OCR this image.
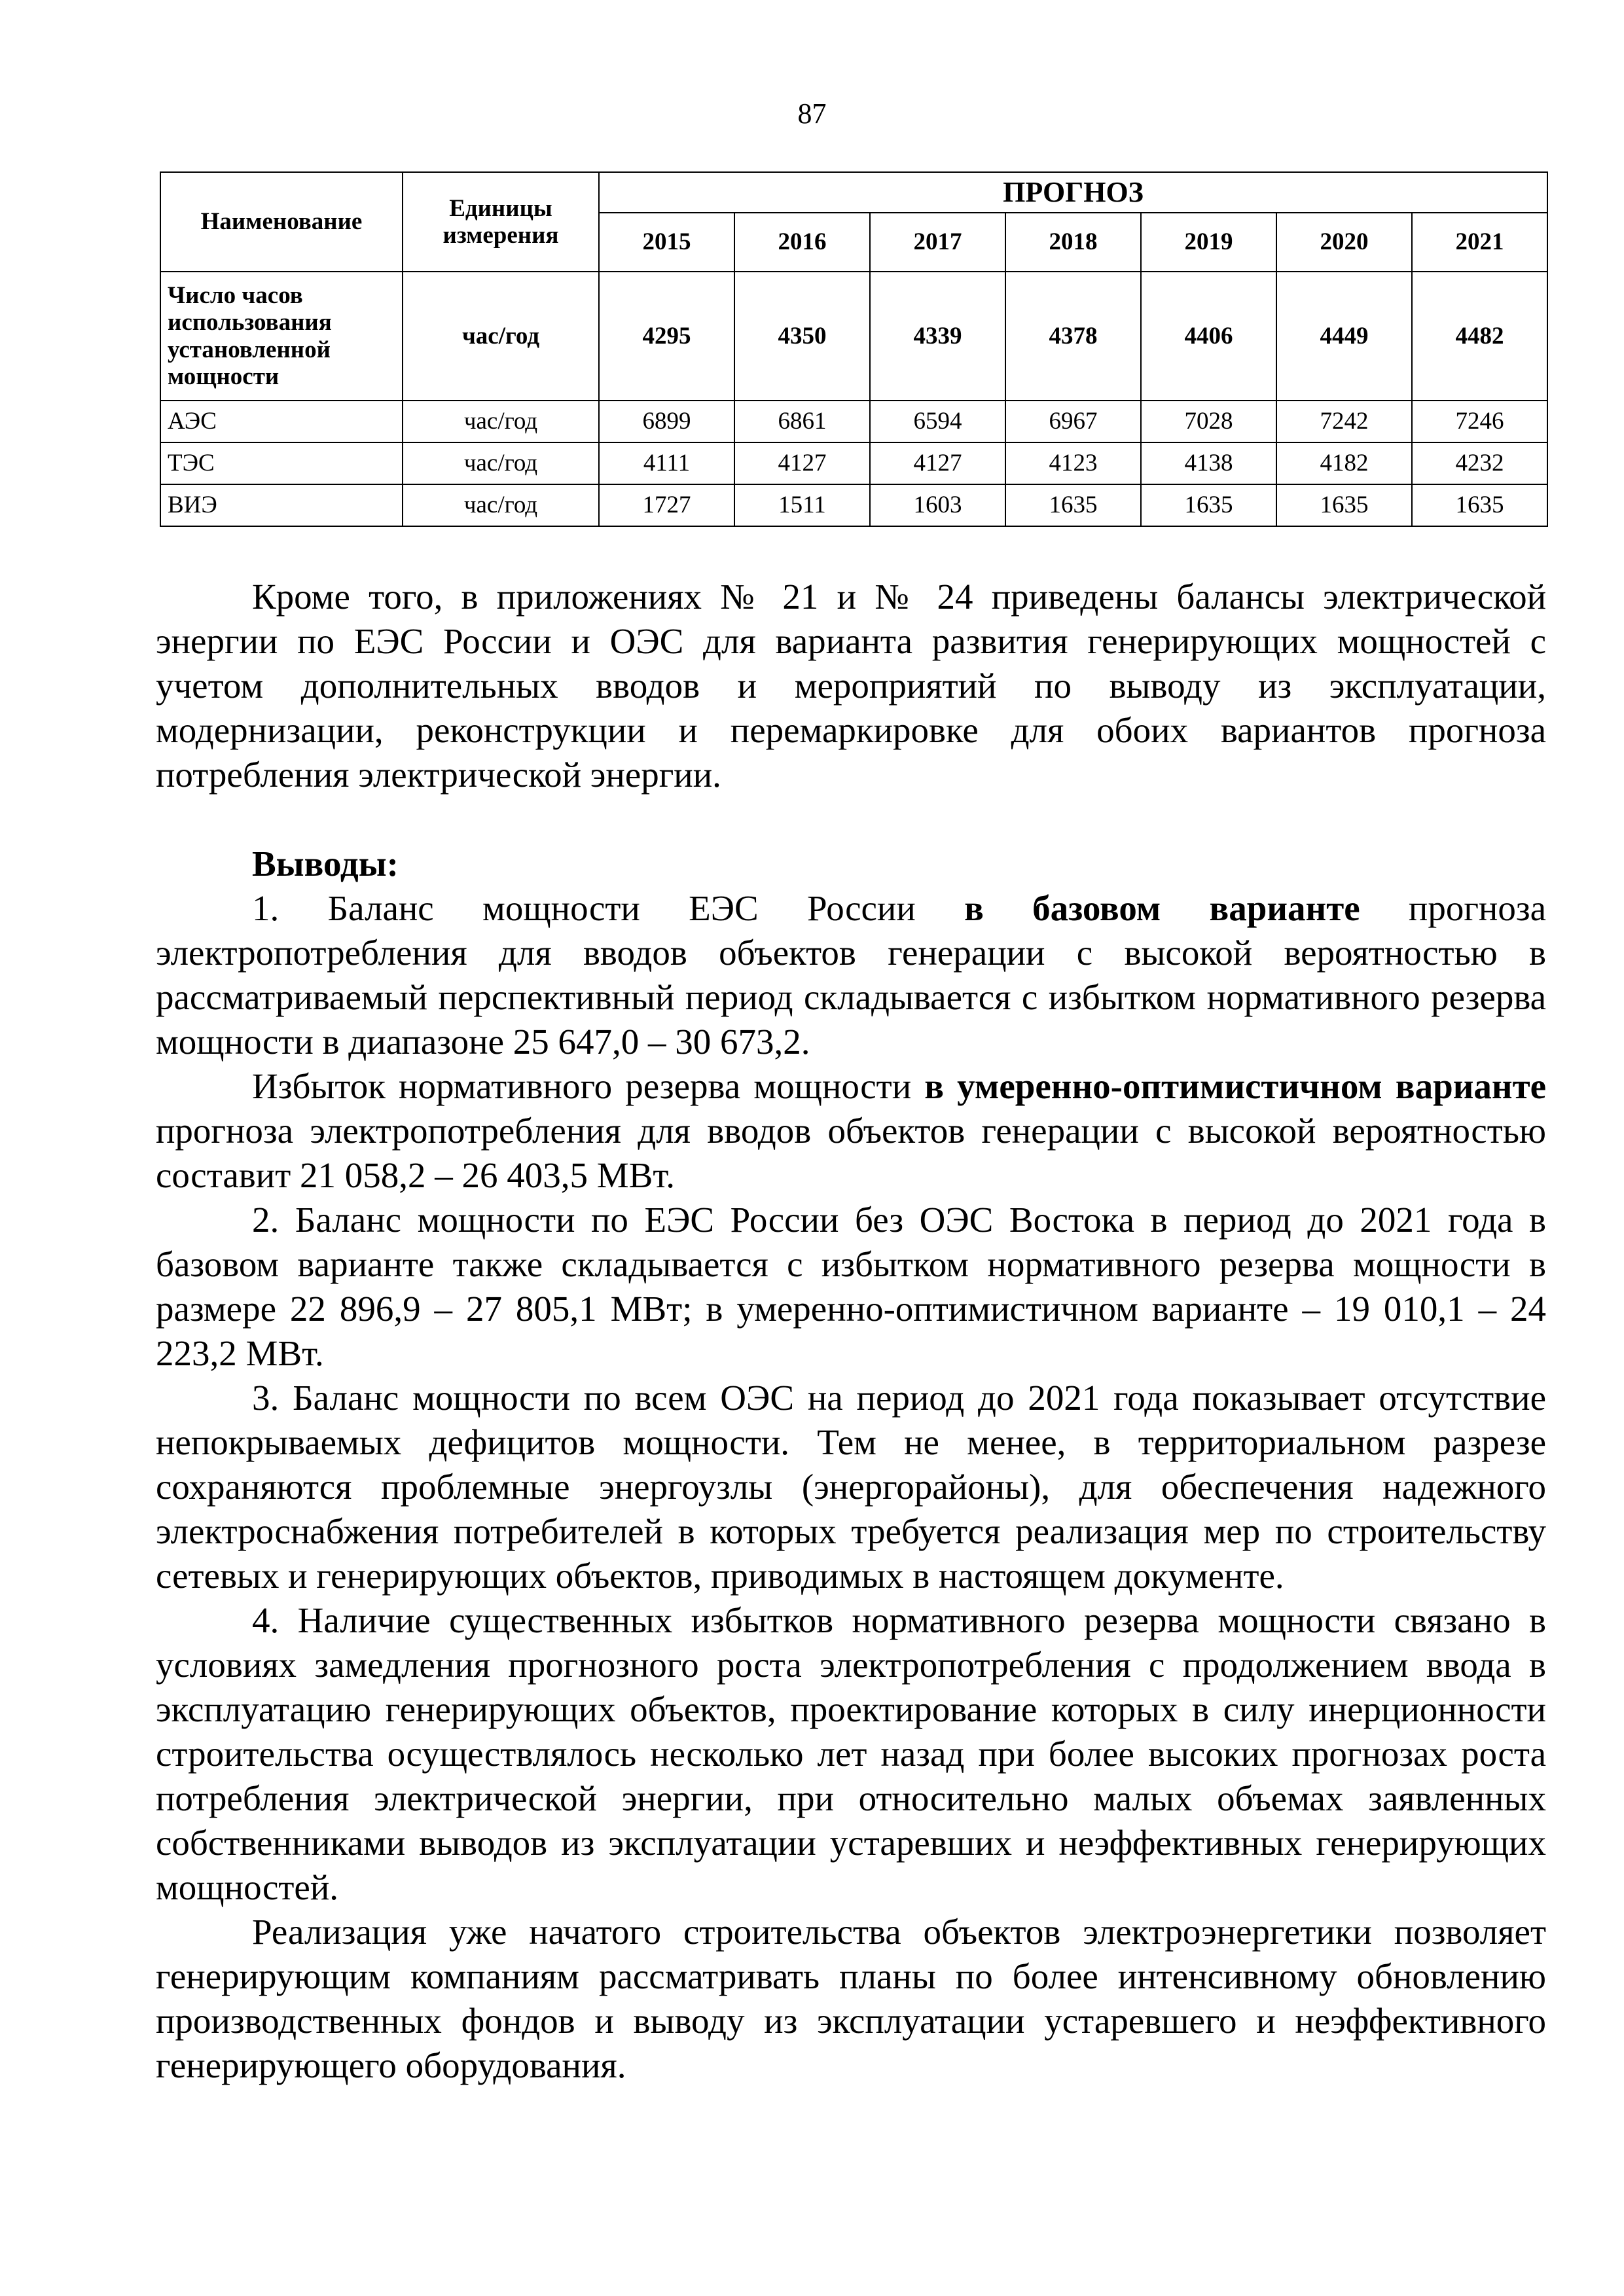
87
Наименование	Единицы измерения	ПРОГНОЗ						
		2015	2016	2017	2018	2019	2020	2021
Число часов использования установленной мощности	час/год	4295	4350	4339	4378	4406	4449	4482
АЭС	час/год	6899	6861	6594	6967	7028	7242	7246
ТЭС	час/год	4111	4127	4127	4123	4138	4182	4232
ВИЭ	час/год	1727	1511	1603	1635	1635	1635	1635

Кроме того, в приложениях № 21 и № 24 приведены балансы электрической энергии по ЕЭС России и ОЭС для варианта развития генерирующих мощностей с учетом дополнительных вводов и мероприятий по выводу из эксплуатации, модернизации, реконструкции и перемаркировке для обоих вариантов прогноза потребления электрической энергии.

Выводы:

1. Баланс мощности ЕЭС России в базовом варианте прогноза электропотребления для вводов объектов генерации с высокой вероятностью в рассматриваемый перспективный период складывается с избытком нормативного резерва мощности в диапазоне 25 647,0 – 30 673,2.

Избыток нормативного резерва мощности в умеренно-оптимистичном варианте прогноза электропотребления для вводов объектов генерации с высокой вероятностью составит 21 058,2 – 26 403,5 МВт.

2. Баланс мощности по ЕЭС России без ОЭС Востока в период до 2021 года в базовом варианте также складывается с избытком нормативного резерва мощности в размере 22 896,9 – 27 805,1 МВт; в умеренно-оптимистичном варианте – 19 010,1 – 24 223,2 МВт.

3. Баланс мощности по всем ОЭС на период до 2021 года показывает отсутствие непокрываемых дефицитов мощности. Тем не менее, в территориальном разрезе сохраняются проблемные энергоузлы (энергорайоны), для обеспечения надежного электроснабжения потребителей в которых требуется реализация мер по строительству сетевых и генерирующих объектов, приводимых в настоящем документе.

4. Наличие существенных избытков нормативного резерва мощности связано в условиях замедления прогнозного роста электропотребления с продолжением ввода в эксплуатацию генерирующих объектов, проектирование которых в силу инерционности строительства осуществлялось несколько лет назад при более высоких прогнозах роста потребления электрической энергии, при относительно малых объемах заявленных собственниками выводов из эксплуатации устаревших и неэффективных генерирующих мощностей.

Реализация уже начатого строительства объектов электроэнергетики позволяет генерирующим компаниям рассматривать планы по более интенсивному обновлению производственных фондов и выводу из эксплуатации устаревшего и неэффективного генерирующего оборудования.
